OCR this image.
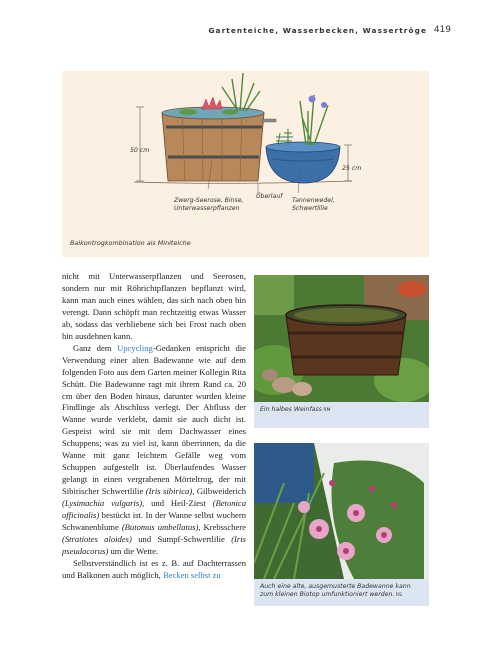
Gartenteiche, Wasserbecken, Wassertröge 419
50 cm
25 cm
Zwerg-Seerose, Binse,
Unterwasserpflanzen
Überlauf
Tannenwedel,
Schwertlilie
Balkontrogkombination als Miniteiche

nicht mit Unterwasserpflanzen und Seerosen, sondern nur mit Röhrichtpflanzen bepflanzt wird, kann man auch eines wählen, das sich nach oben hin verengt. Dann schöpft man rechtzeitig etwas Wasser ab, sodass das verbliebene sich bei Frost nach oben hin ausdehnen kann.

Ganz dem Upcycling-Gedanken entspricht die Verwendung einer alten Badewanne wie auf dem folgenden Foto aus dem Garten meiner Kollegin Rita Schütt. Die Badewanne ragt mit ihrem Rand ca. 20 cm über den Boden hinaus, darunter wurden kleine Findlinge als Abschluss verlegt. Der Abfluss der Wanne wurde verklebt, damit sie auch dicht ist. Gespeist wird sie mit dem Dachwasser eines Schuppens; was zu viel ist, kann überrinnen, da die Wanne mit ganz leichtem Gefälle weg vom Schuppen aufgestellt ist. Überlaufendes Wasser gelangt in einen vergrabenen Mörteltrog, der mit Sibirischer Schwertlilie (Iris sibirica), Gilbweiderich (Lysimachia vulgaris), und Heil-Ziest (Betonica officinalis) bestückt ist. In der Wanne selbst wuchern Schwanenblume (Butomus umbellatus), Krebsschere (Stratiotes aloides) und Sumpf-Schwertlilie (Iris pseudacorus) um die Wette.

Selbstverständlich ist es z. B. auf Dachterrassen und Balkonen auch möglich, Becken selbst zu

Ein halbes Weinfass RM
Auch eine alte, ausgemusterte Badewanne kann zum kleinen Biotop umfunktioniert werden. RS
